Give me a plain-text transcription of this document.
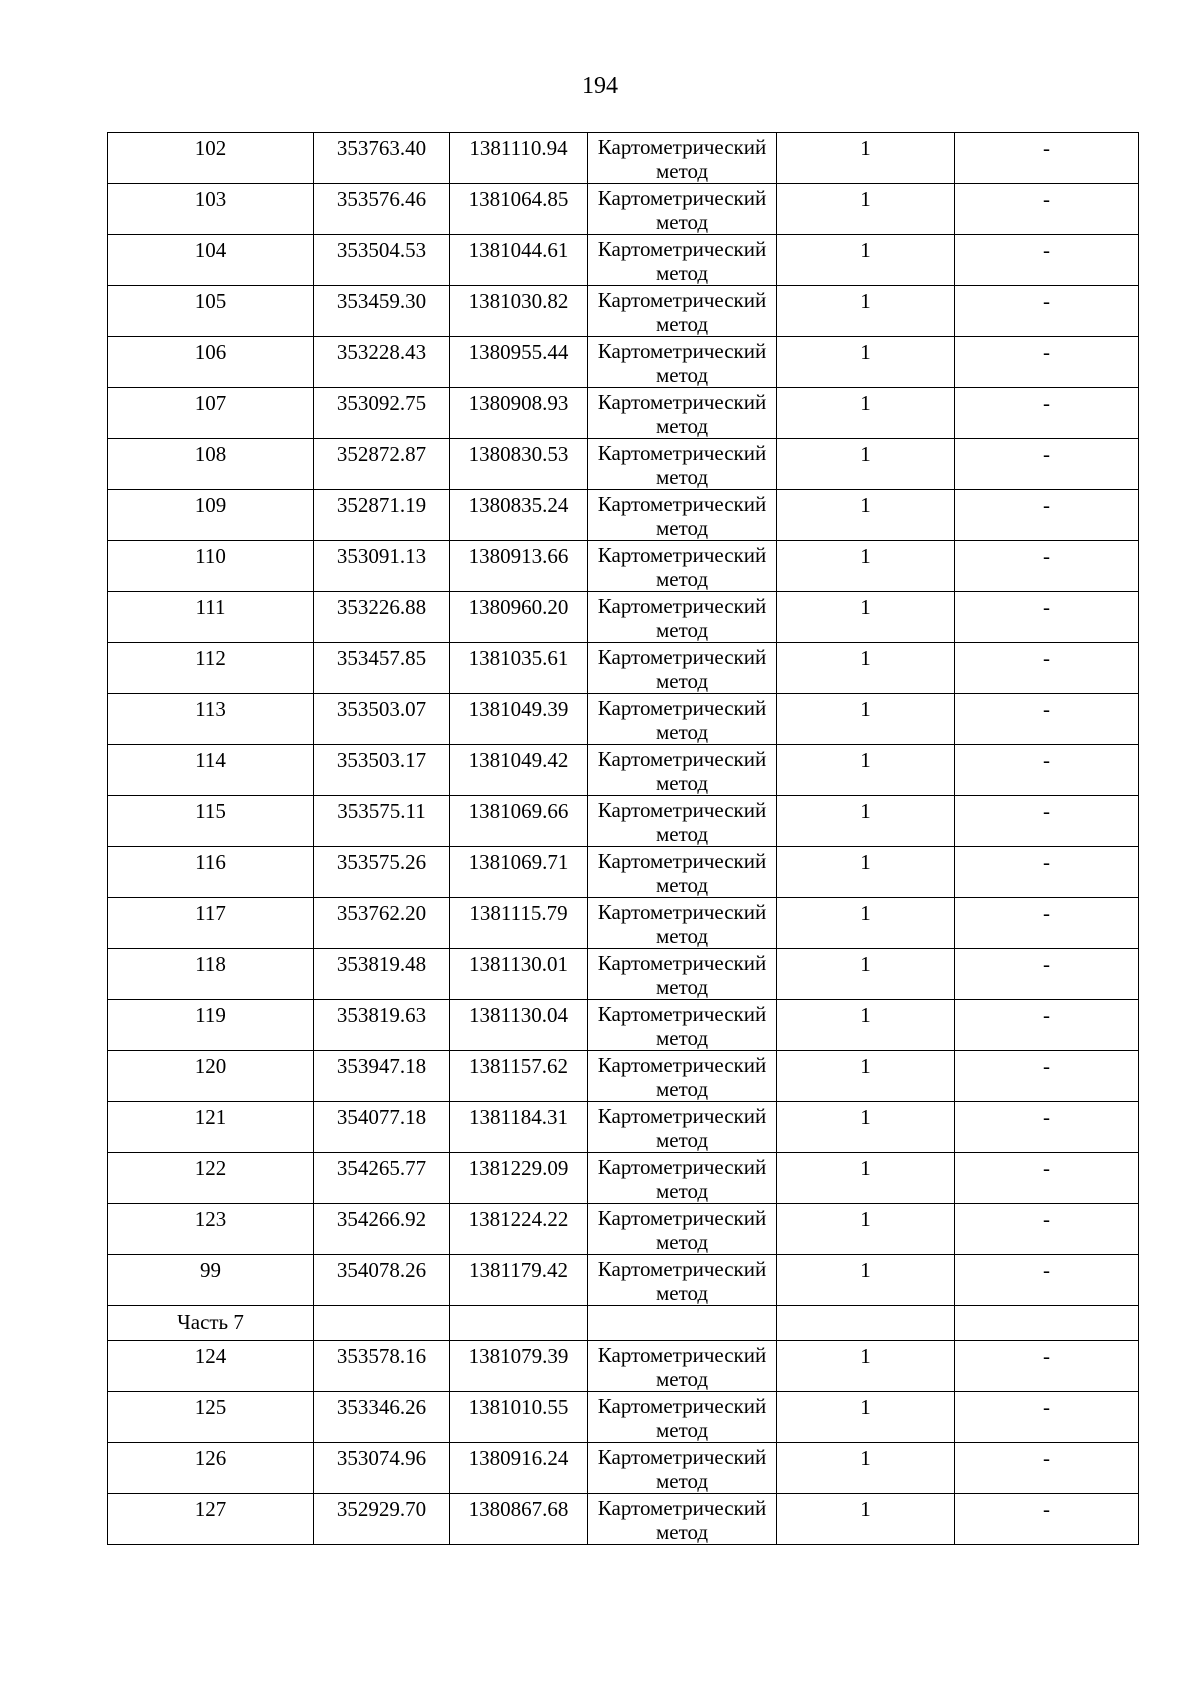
194
102	353763.40	1381110.94	Картометрический метод	1	-

103	353576.46	1381064.85	Картометрический метод	1	-

104	353504.53	1381044.61	Картометрический метод	1	-

105	353459.30	1381030.82	Картометрический метод	1	-

106	353228.43	1380955.44	Картометрический метод	1	-

107	353092.75	1380908.93	Картометрический метод	1	-

108	352872.87	1380830.53	Картометрический метод	1	-

109	352871.19	1380835.24	Картометрический метод	1	-

110	353091.13	1380913.66	Картометрический метод	1	-

111	353226.88	1380960.20	Картометрический метод	1	-

112	353457.85	1381035.61	Картометрический метод	1	-

113	353503.07	1381049.39	Картометрический метод	1	-

114	353503.17	1381049.42	Картометрический метод	1	-

115	353575.11	1381069.66	Картометрический метод	1	-

116	353575.26	1381069.71	Картометрический метод	1	-

117	353762.20	1381115.79	Картометрический метод	1	-

118	353819.48	1381130.01	Картометрический метод	1	-

119	353819.63	1381130.04	Картометрический метод	1	-

120	353947.18	1381157.62	Картометрический метод	1	-

121	354077.18	1381184.31	Картометрический метод	1	-

122	354265.77	1381229.09	Картометрический метод	1	-

123	354266.92	1381224.22	Картометрический метод	1	-

99	354078.26	1381179.42	Картометрический метод	1	-

Часть 7					

124	353578.16	1381079.39	Картометрический метод	1	-

125	353346.26	1381010.55	Картометрический метод	1	-

126	353074.96	1380916.24	Картометрический метод	1	-

127	352929.70	1380867.68	Картометрический метод	1	-
